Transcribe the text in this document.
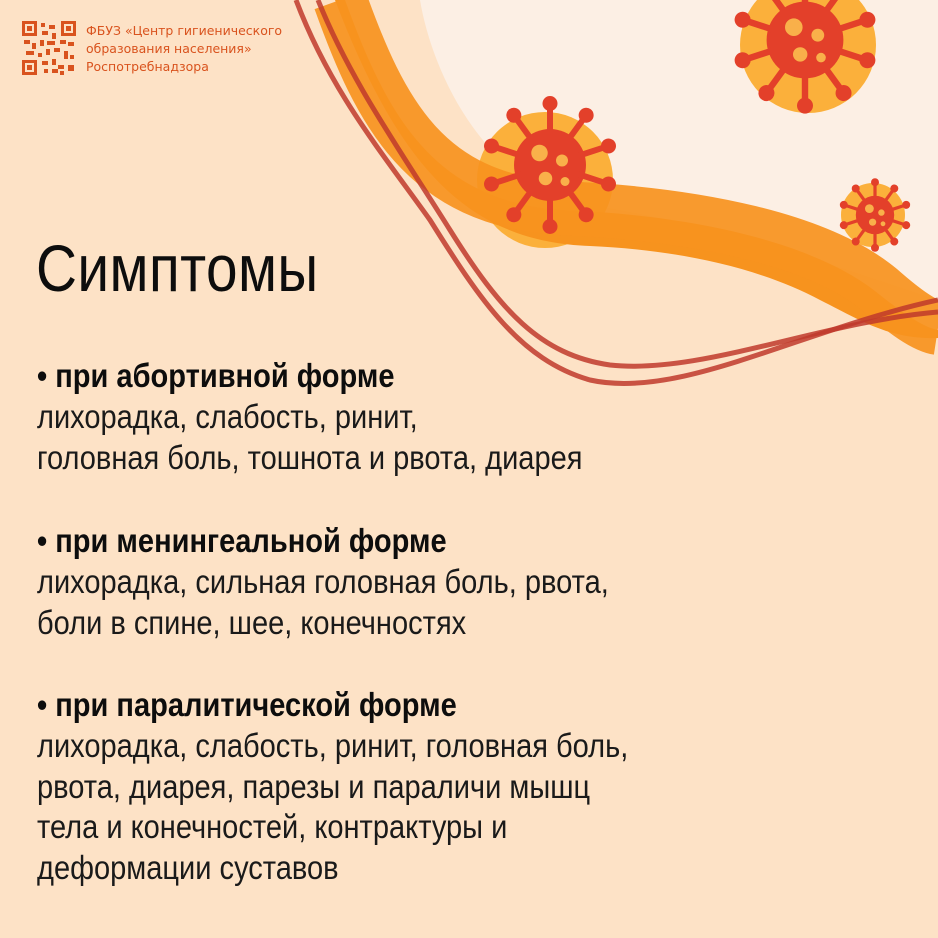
ФБУЗ «Центр гигиенического
образования населения»
Роспотребнадзора
Симптомы
• при абортивной форме
лихорадка, слабость, ринит,
головная боль, тошнота и рвота, диарея
• при менингеальной форме
лихорадка, сильная головная боль, рвота,
боли в спине, шее, конечностях
• при паралитической форме
лихорадка, слабость, ринит, головная боль,
рвота, диарея, парезы и параличи мышц
тела и конечностей, контрактуры и
деформации суставов
